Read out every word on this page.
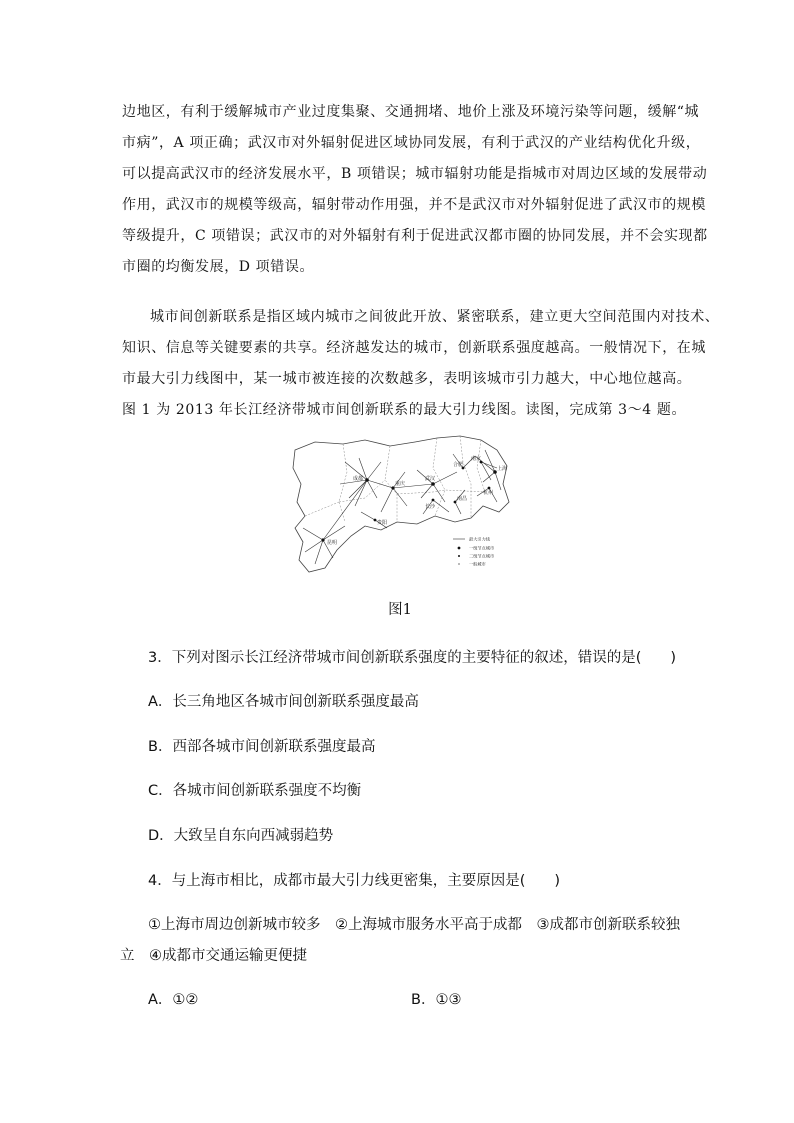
边地区，有利于缓解城市产业过度集聚、交通拥堵、地价上涨及环境污染等问题，缓解“城
市病”，A 项正确；武汉市对外辐射促进区域协同发展，有利于武汉的产业结构优化升级，
可以提高武汉市的经济发展水平，B 项错误；城市辐射功能是指城市对周边区域的发展带动
作用，武汉市的规模等级高，辐射带动作用强，并不是武汉市对外辐射促进了武汉市的规模
等级提升，C 项错误；武汉市的对外辐射有利于促进武汉都市圈的协同发展，并不会实现都
市圈的均衡发展，D 项错误。
城市间创新联系是指区域内城市之间彼此开放、紧密联系，建立更大空间范围内对技术、
知识、信息等关键要素的共享。经济越发达的城市，创新联系强度越高。一般情况下，在城
市最大引力线图中，某一城市被连接的次数越多，表明该城市引力越大，中心地位越高。
图 1 为 2013 年长江经济带城市间创新联系的最大引力线图。读图，完成第 3～4 题。
成都
重庆
贵阳
昆明
武汉
长沙
南昌
合肥
南京
杭州
上海
最大引力线
一级节点城市
二级节点城市
一般城市
图1
3．下列对图示长江经济带城市间创新联系强度的主要特征的叙述，错误的是(　　)
A．长三角地区各城市间创新联系强度最高
B．西部各城市间创新联系强度最高
C．各城市间创新联系强度不均衡
D．大致呈自东向西减弱趋势
4．与上海市相比，成都市最大引力线更密集，主要原因是(　　)
①上海市周边创新城市较多　②上海城市服务水平高于成都　③成都市创新联系较独
立　④成都市交通运输更便捷
A．①②	B．①③
